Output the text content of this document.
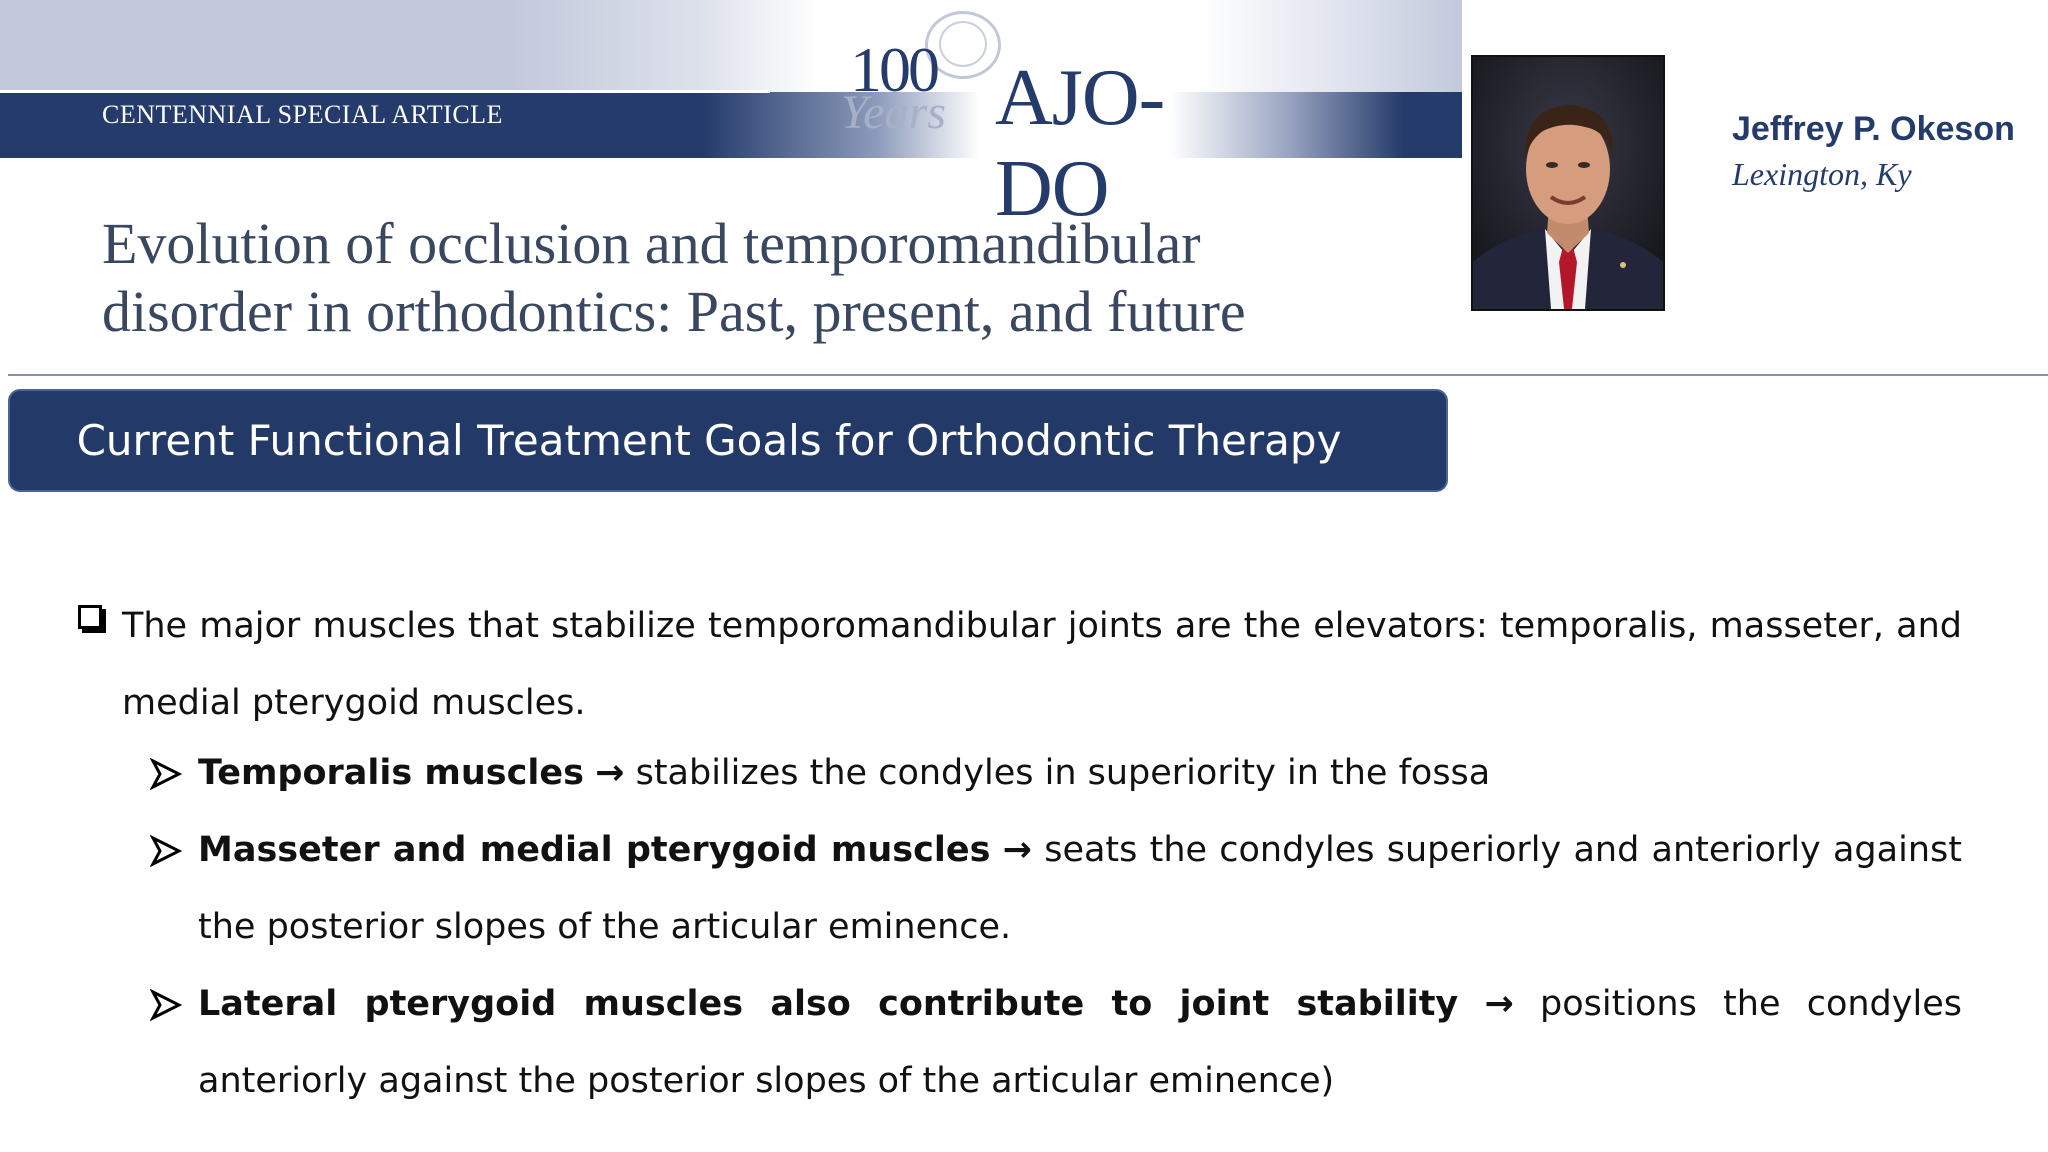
CENTENNIAL SPECIAL ARTICLE
100
Years AJO-DO
Evolution of occlusion and temporomandibular
disorder in orthodontics: Past, present, and future
Jeffrey P. Okeson
Lexington, Ky
Current Functional Treatment Goals for Orthodontic Therapy

The major muscles that stabilize temporomandibular joints are the elevators: temporalis, masseter, and medial pterygoid muscles.

Temporalis muscles → stabilizes the condyles in superiority in the fossa

Masseter and medial pterygoid muscles → seats the condyles superiorly and anteriorly against the posterior slopes of the articular eminence.

Lateral pterygoid muscles also contribute to joint stability → positions the condyles anteriorly against the posterior slopes of the articular eminence)
